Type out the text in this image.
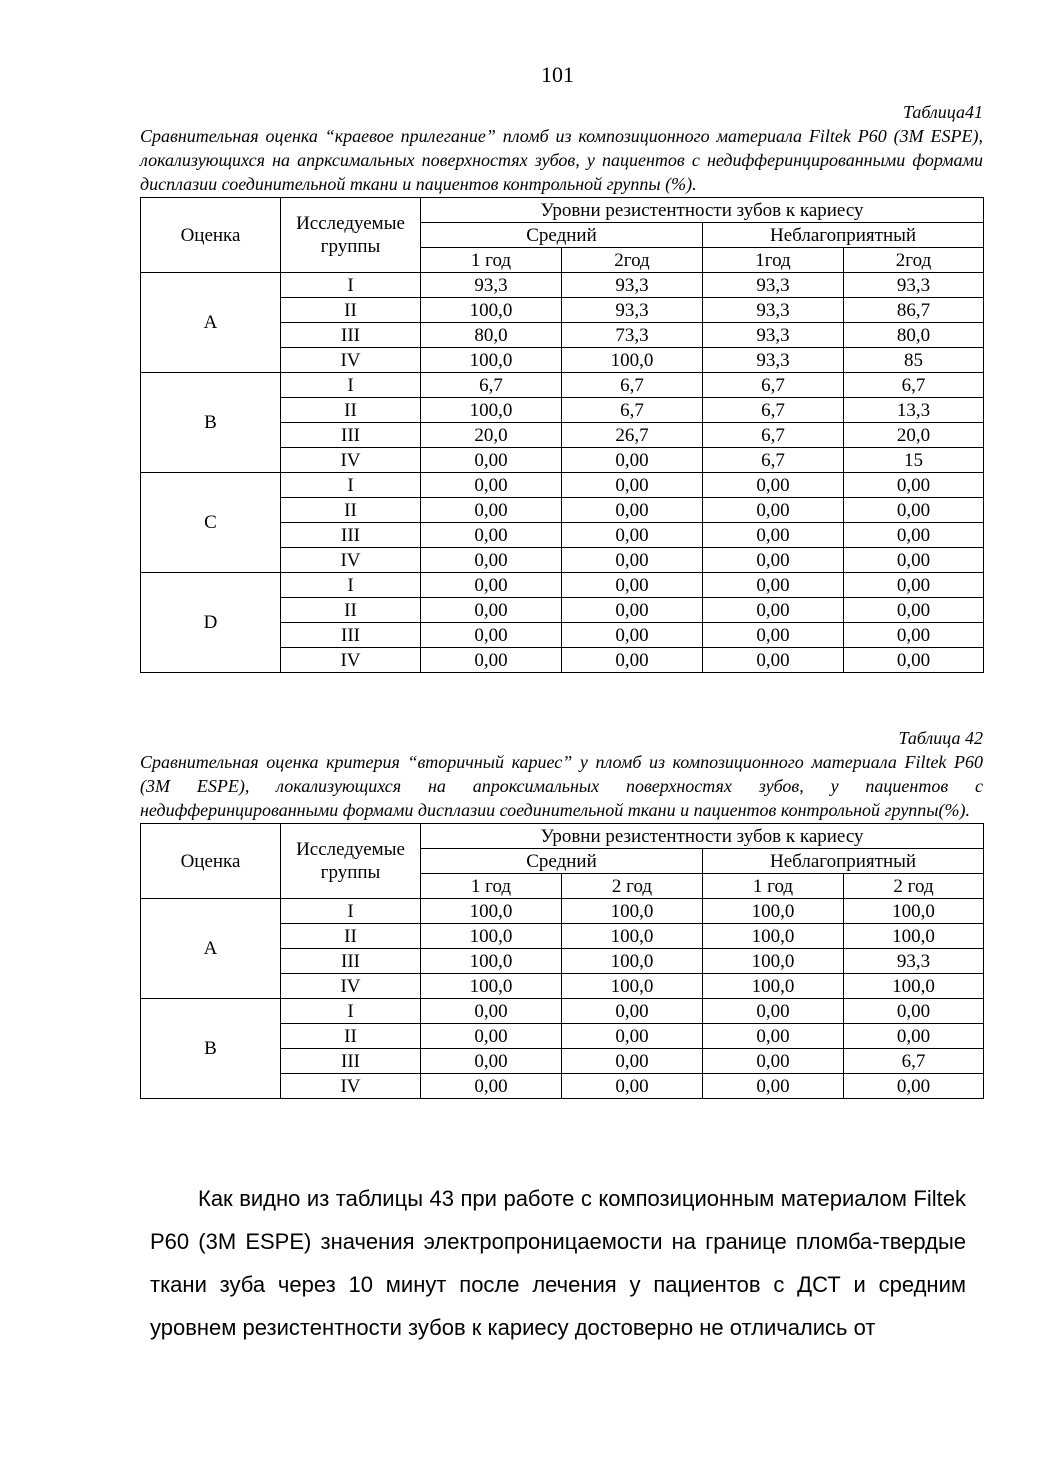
101
Таблица41
Сравнительная оценка “краевое прилегание” пломб из композиционного материала Filtek P60 (3M ESPE), локализующихся на апрксимальных поверхностях зубов, у пациентов с недифферинцированными формами дисплазии соединительной ткани и пациентов контрольной группы (%).
Оценка	Исследуемые группы	Уровни резистентности зубов к кариесу			
		Средний		Неблагоприятный	
		1 год	2год	1год	2год
A	I	93,3	93,3	93,3	93,3
	II	100,0	93,3	93,3	86,7
	III	80,0	73,3	93,3	80,0
	IV	100,0	100,0	93,3	85
B	I	6,7	6,7	6,7	6,7
	II	100,0	6,7	6,7	13,3
	III	20,0	26,7	6,7	20,0
	IV	0,00	0,00	6,7	15
C	I	0,00	0,00	0,00	0,00
	II	0,00	0,00	0,00	0,00
	III	0,00	0,00	0,00	0,00
	IV	0,00	0,00	0,00	0,00
D	I	0,00	0,00	0,00	0,00
	II	0,00	0,00	0,00	0,00
	III	0,00	0,00	0,00	0,00
	IV	0,00	0,00	0,00	0,00
Таблица 42
Сравнительная оценка критерия “вторичный кариес” у пломб из композиционного материала Filtek P60 (3M ESPE), локализующихся на апроксимальных поверхностях зубов, у пациентов с недифферинцированными формами дисплазии соединительной ткани и пациентов контрольной группы(%).
Оценка	Исследуемые группы	Уровни резистентности зубов к кариесу			
		Средний		Неблагоприятный	
		1 год	2 год	1 год	2 год
A	I	100,0	100,0	100,0	100,0
	II	100,0	100,0	100,0	100,0
	III	100,0	100,0	100,0	93,3
	IV	100,0	100,0	100,0	100,0
B	I	0,00	0,00	0,00	0,00
	II	0,00	0,00	0,00	0,00
	III	0,00	0,00	0,00	6,7
	IV	0,00	0,00	0,00	0,00

Как видно из таблицы 43 при работе с композиционным материалом Filtek P60 (3M ESPE) значения электропроницаемости на границе пломба-твердые ткани зуба через 10 минут после лечения у пациентов с ДСТ и средним уровнем резистентности зубов к кариесу достоверно не отличались от
